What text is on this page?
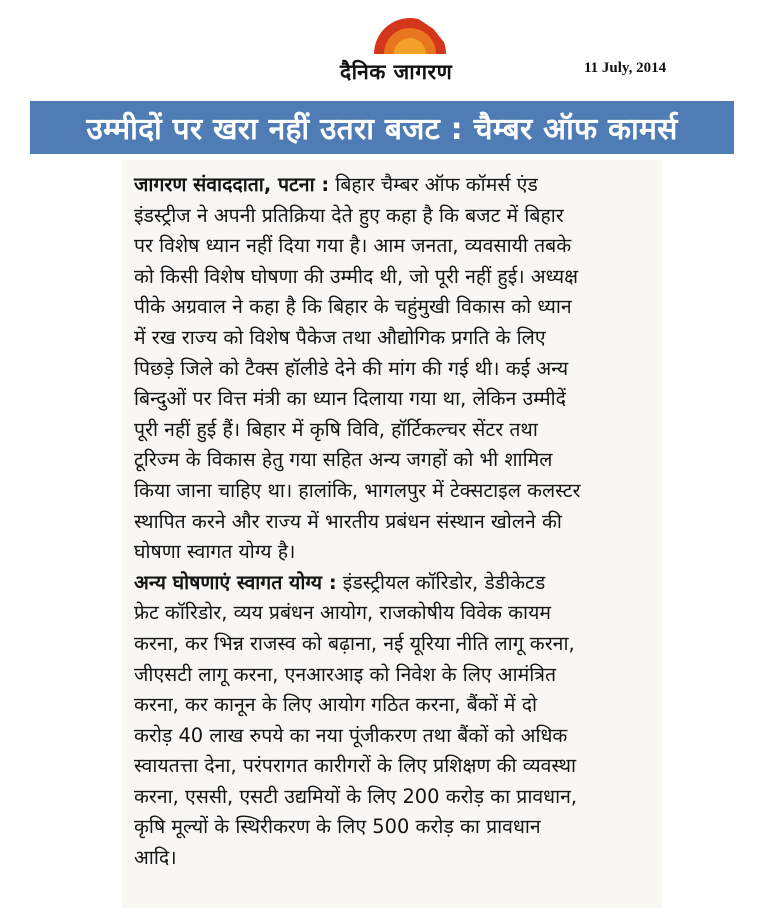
दैनिक जागरण	11 July, 2014
उम्मीदों पर खरा नहीं उतरा बजट : चैम्बर ऑफ कामर्स

जागरण संवाददाता, पटना : बिहार चैम्बर ऑफ कॉमर्स एंड
इंडस्ट्रीज ने अपनी प्रतिक्रिया देते हुए कहा है कि बजट में बिहार
पर विशेष ध्यान नहीं दिया गया है। आम जनता, व्यवसायी तबके
को किसी विशेष घोषणा की उम्मीद थी, जो पूरी नहीं हुई। अध्यक्ष
पीके अग्रवाल ने कहा है कि बिहार के चहुंमुखी विकास को ध्यान
में रख राज्य को विशेष पैकेज तथा औद्योगिक प्रगति के लिए
पिछड़े जिले को टैक्स हॉलीडे देने की मांग की गई थी। कई अन्य
बिन्दुओं पर वित्त मंत्री का ध्यान दिलाया गया था, लेकिन उम्मीदें
पूरी नहीं हुई हैं। बिहार में कृषि विवि, हॉर्टिकल्चर सेंटर तथा
टूरिज्म के विकास हेतु गया सहित अन्य जगहों को भी शामिल
किया जाना चाहिए था। हालांकि, भागलपुर में टेक्सटाइल कलस्टर
स्थापित करने और राज्य में भारतीय प्रबंधन संस्थान खोलने की
घोषणा स्वागत योग्य है।

अन्य घोषणाएं स्वागत योग्य : इंडस्ट्रीयल कॉरिडोर, डेडीकेटड
फ्रेट कॉरिडोर, व्यय प्रबंधन आयोग, राजकोषीय विवेक कायम
करना, कर भिन्न राजस्व को बढ़ाना, नई यूरिया नीति लागू करना,
जीएसटी लागू करना, एनआरआइ को निवेश के लिए आमंत्रित
करना, कर कानून के लिए आयोग गठित करना, बैंकों में दो
करोड़ 40 लाख रुपये का नया पूंजीकरण तथा बैंकों को अधिक
स्वायतत्ता देना, परंपरागत कारीगरों के लिए प्रशिक्षण की व्यवस्था
करना, एससी, एसटी उद्यमियों के लिए 200 करोड़ का प्रावधान,
कृषि मूल्यों के स्थिरीकरण के लिए 500 करोड़ का प्रावधान
आदि।
